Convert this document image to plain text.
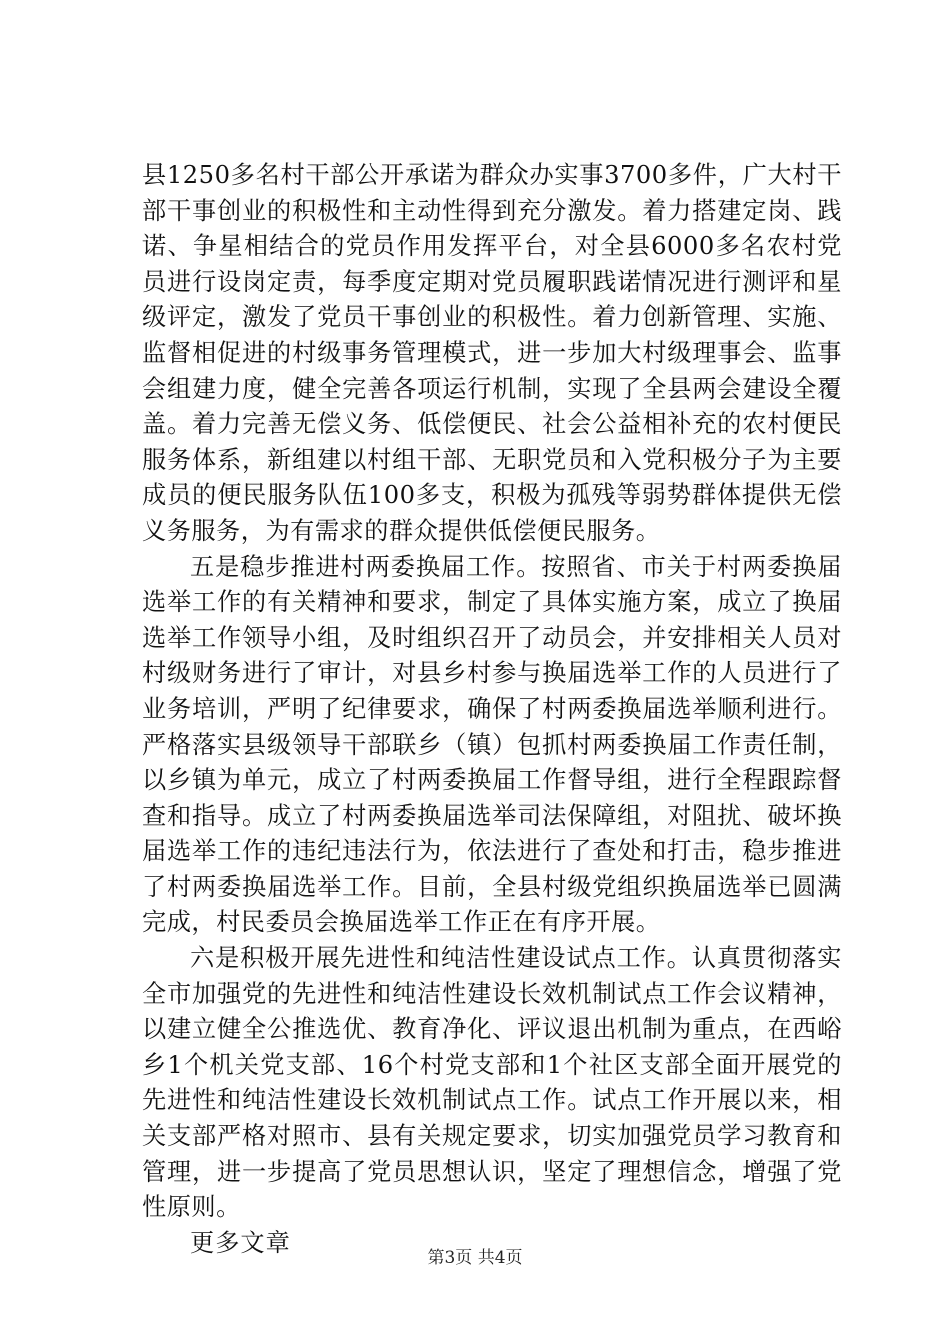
县1250多名村干部公开承诺为群众办实事3700多件，广大村干部干事创业的积极性和主动性得到充分激发。着力搭建定岗、践诺、争星相结合的党员作用发挥平台，对全县6000多名农村党员进行设岗定责，每季度定期对党员履职践诺情况进行测评和星级评定，激发了党员干事创业的积极性。着力创新管理、实施、监督相促进的村级事务管理模式，进一步加大村级理事会、监事会组建力度，健全完善各项运行机制，实现了全县两会建设全覆盖。着力完善无偿义务、低偿便民、社会公益相补充的农村便民服务体系，新组建以村组干部、无职党员和入党积极分子为主要成员的便民服务队伍100多支，积极为孤残等弱势群体提供无偿义务服务，为有需求的群众提供低偿便民服务。

五是稳步推进村两委换届工作。按照省、市关于村两委换届选举工作的有关精神和要求，制定了具体实施方案，成立了换届选举工作领导小组，及时组织召开了动员会，并安排相关人员对村级财务进行了审计，对县乡村参与换届选举工作的人员进行了业务培训，严明了纪律要求，确保了村两委换届选举顺利进行。严格落实县级领导干部联乡（镇）包抓村两委换届工作责任制，以乡镇为单元，成立了村两委换届工作督导组，进行全程跟踪督查和指导。成立了村两委换届选举司法保障组，对阻扰、破坏换届选举工作的违纪违法行为，依法进行了查处和打击，稳步推进了村两委换届选举工作。目前，全县村级党组织换届选举已圆满完成，村民委员会换届选举工作正在有序开展。

六是积极开展先进性和纯洁性建设试点工作。认真贯彻落实全市加强党的先进性和纯洁性建设长效机制试点工作会议精神，以建立健全公推选优、教育净化、评议退出机制为重点，在西峪乡1个机关党支部、16个村党支部和1个社区支部全面开展党的先进性和纯洁性建设长效机制试点工作。试点工作开展以来，相关支部严格对照市、县有关规定要求，切实加强党员学习教育和管理，进一步提高了党员思想认识，坚定了理想信念，增强了党性原则。

更多文章
第3页 共4页
